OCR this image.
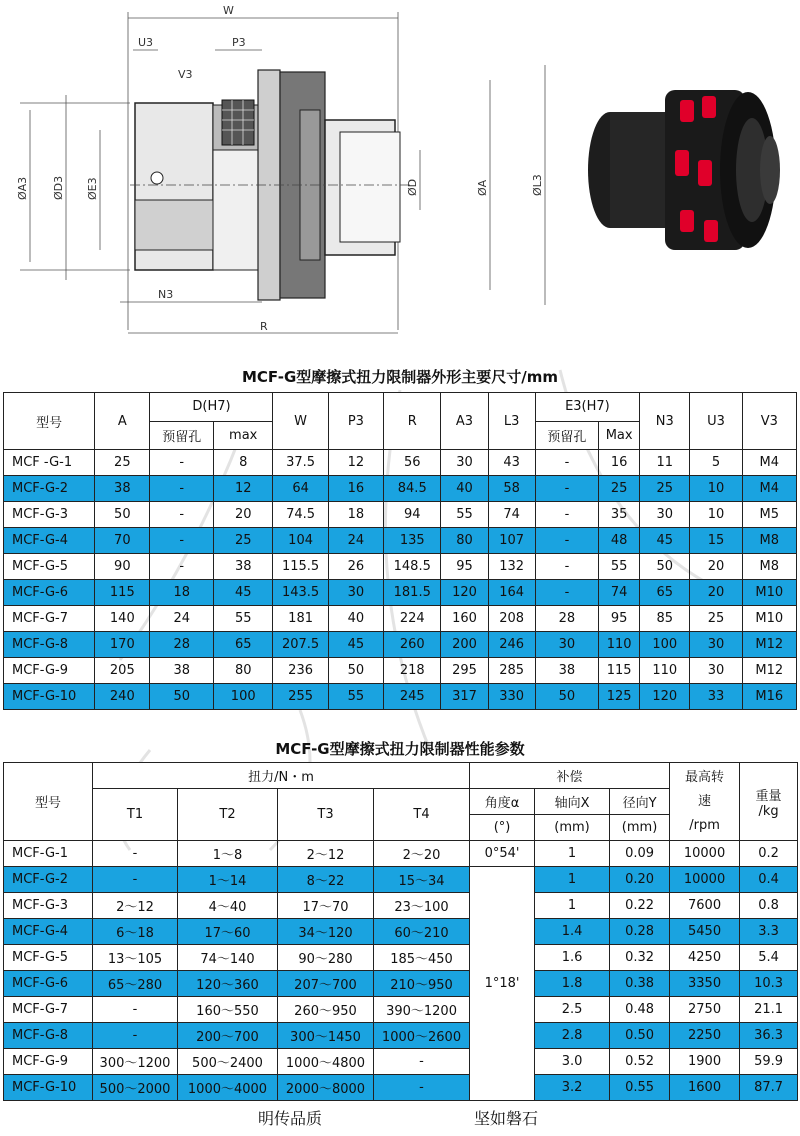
W
U3	P3
V3
N3
R
ØA3 ØD3 ØE3	ØD	ØA	ØL3
MCF-G型摩擦式扭力限制器外形主要尺寸/mm
型号	A	D(H7)		W	P3	R	A3	L3	E3(H7)		N3	U3	V3
		预留孔	max						预留孔	Max			
MCF -G-1	25	-	8	37.5	12	56	30	43	-	16	11	5	M4
MCF-G-2	38	-	12	64	16	84.5	40	58	-	25	25	10	M4
MCF-G-3	50	-	20	74.5	18	94	55	74	-	35	30	10	M5
MCF-G-4	70	-	25	104	24	135	80	107	-	48	45	15	M8
MCF-G-5	90	-	38	115.5	26	148.5	95	132	-	55	50	20	M8
MCF-G-6	115	18	45	143.5	30	181.5	120	164	-	74	65	20	M10
MCF-G-7	140	24	55	181	40	224	160	208	28	95	85	25	M10
MCF-G-8	170	28	65	207.5	45	260	200	246	30	110	100	30	M12
MCF-G-9	205	38	80	236	50	218	295	285	38	115	110	30	M12
MCF-G-10	240	50	100	255	55	245	317	330	50	125	120	33	M16
MCF-G型摩擦式扭力限制器性能参数
型号	扭力/N・m				补偿			最高转
速
/rpm	重量
/kg
	T1	T2	T3	T4	角度α	轴向X	径向Y		
					(°)	(mm)	(mm)		
MCF-G-1	-	1～8	2～12	2～20	0°54'	1	0.09	10000	0.2
MCF-G-2	-	1～14	8～22	15～34	1°18'	1	0.20	10000	0.4
MCF-G-3	2～12	4～40	17～70	23～100		1	0.22	7600	0.8
MCF-G-4	6～18	17～60	34～120	60～210		1.4	0.28	5450	3.3
MCF-G-5	13～105	74～140	90～280	185～450		1.6	0.32	4250	5.4
MCF-G-6	65～280	120～360	207～700	210～950		1.8	0.38	3350	10.3
MCF-G-7	-	160～550	260～950	390～1200		2.5	0.48	2750	21.1
MCF-G-8	-	200～700	300～1450	1000～2600		2.8	0.50	2250	36.3
MCF-G-9	300～1200	500～2400	1000～4800	-		3.0	0.52	1900	59.9
MCF-G-10	500～2000	1000～4000	2000～8000	-		3.2	0.55	1600	87.7
明传品质	坚如磐石
